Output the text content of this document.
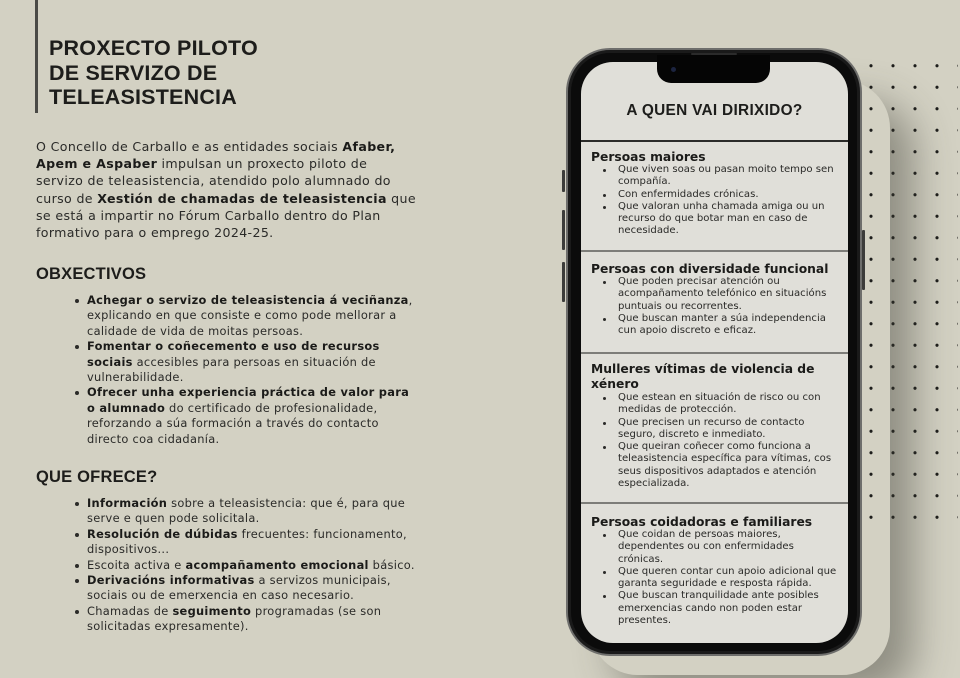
PROXECTO PILOTO
DE SERVIZO DE
TELEASISTENCIA

O Concello de Carballo e as entidades sociais Afaber, Apem e Aspaber impulsan un proxecto piloto de servizo de teleasistencia, atendido polo alumnado do curso de Xestión de chamadas de teleasistencia que se está a impartir no Fórum Carballo dentro do Plan formativo para o emprego 2024-25.

OBXECTIVOS
Achegar o servizo de teleasistencia á veciñanza, explicando en que consiste e como pode mellorar a calidade de vida de moitas persoas.
Fomentar o coñecemento e uso de recursos sociais accesibles para persoas en situación de vulnerabilidade.
Ofrecer unha experiencia práctica de valor para o alumnado do certificado de profesionalidade, reforzando a súa formación a través do contacto directo coa cidadanía.
QUE OFRECE?
Información sobre a teleasistencia: que é, para que serve e quen pode solicitala.
Resolución de dúbidas frecuentes: funcionamento, dispositivos...
Escoita activa e acompañamento emocional básico.
Derivacións informativas a servizos municipais, sociais ou de emerxencia en caso necesario.
Chamadas de seguimento programadas (se son solicitadas expresamente).
A QUEN VAI DIRIXIDO?
Persoas maiores
Que viven soas ou pasan moito tempo sen compañía.
Con enfermidades crónicas.
Que valoran unha chamada amiga ou un recurso do que botar man en caso de necesidade.
Persoas con diversidade funcional
Que poden precisar atención ou acompañamento telefónico en situacións puntuais ou recorrentes.
Que buscan manter a súa independencia cun apoio discreto e eficaz.
Mulleres vítimas de violencia de xénero
Que estean en situación de risco ou con medidas de protección.
Que precisen un recurso de contacto seguro, discreto e inmediato.
Que queiran coñecer como funciona a teleasistencia específica para vítimas, cos seus dispositivos adaptados e atención especializada.
Persoas coidadoras e familiares
Que coidan de persoas maiores, dependentes ou con enfermidades crónicas.
Que queren contar cun apoio adicional que garanta seguridade e resposta rápida.
Que buscan tranquilidade ante posibles emerxencias cando non poden estar presentes.
